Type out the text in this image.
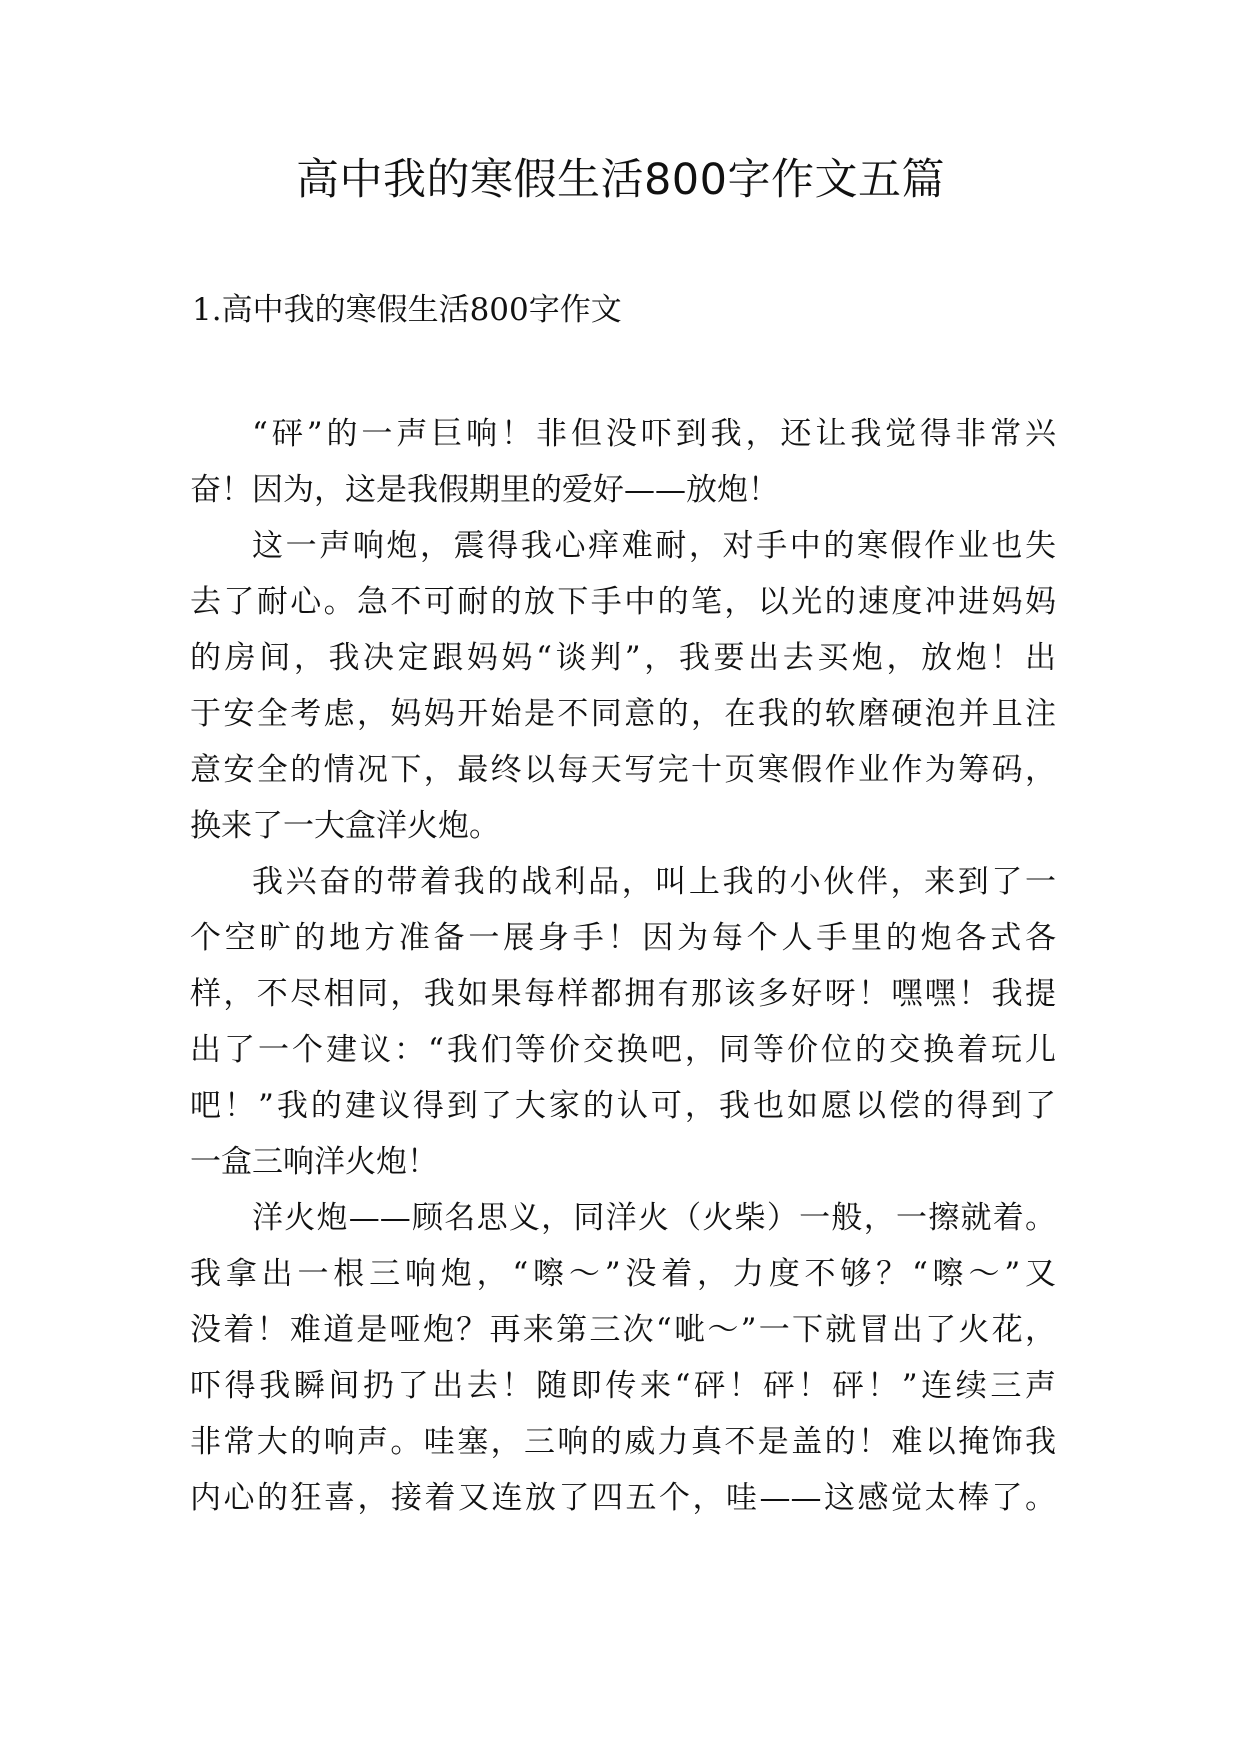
高中我的寒假生活800字作文五篇
1.高中我的寒假生活800字作文
“砰”的一声巨响！非但没吓到我，还让我觉得非常兴
奋！因为，这是我假期里的爱好——放炮！
这一声响炮，震得我心痒难耐，对手中的寒假作业也失
去了耐心。急不可耐的放下手中的笔，以光的速度冲进妈妈
的房间，我决定跟妈妈“谈判”，我要出去买炮，放炮！出
于安全考虑，妈妈开始是不同意的，在我的软磨硬泡并且注
意安全的情况下，最终以每天写完十页寒假作业作为筹码，
换来了一大盒洋火炮。
我兴奋的带着我的战利品，叫上我的小伙伴，来到了一
个空旷的地方准备一展身手！因为每个人手里的炮各式各
样，不尽相同，我如果每样都拥有那该多好呀！嘿嘿！我提
出了一个建议：“我们等价交换吧，同等价位的交换着玩儿
吧！”我的建议得到了大家的认可，我也如愿以偿的得到了
一盒三响洋火炮！
洋火炮——顾名思义，同洋火（火柴）一般，一擦就着。
我拿出一根三响炮，“嚓～”没着，力度不够？“嚓～”又
没着！难道是哑炮？再来第三次“呲～”一下就冒出了火花，
吓得我瞬间扔了出去！随即传来“砰！砰！砰！”连续三声
非常大的响声。哇塞，三响的威力真不是盖的！难以掩饰我
内心的狂喜，接着又连放了四五个，哇——这感觉太棒了。
